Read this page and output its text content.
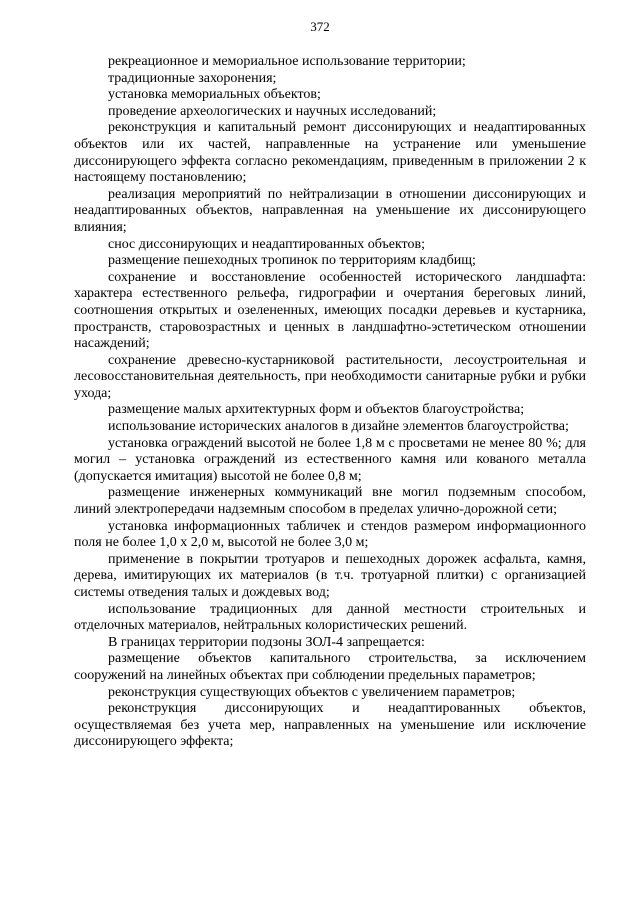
372

рекреационное и мемориальное использование территории;

традиционные захоронения;

установка мемориальных объектов;

проведение археологических и научных исследований;

реконструкция и капитальный ремонт диссонирующих и неадаптированных объектов или их частей, направленные на устранение или уменьшение диссонирующего эффекта согласно рекомендациям, приведенным в приложении 2 к настоящему постановлению;

реализация мероприятий по нейтрализации в отношении диссонирующих и неадаптированных объектов, направленная на уменьшение их диссонирующего влияния;

снос диссонирующих и неадаптированных объектов;

размещение пешеходных тропинок по территориям кладбищ;

сохранение и восстановление особенностей исторического ландшафта: характера естественного рельефа, гидрографии и очертания береговых линий, соотношения открытых и озелененных, имеющих посадки деревьев и кустарника, пространств, старовозрастных и ценных в ландшафтно-эстетическом отношении насаждений;

сохранение древесно-кустарниковой растительности, лесоустроительная и лесовосстановительная деятельность, при необходимости санитарные рубки и рубки ухода;

размещение малых архитектурных форм и объектов благоустройства;

использование исторических аналогов в дизайне элементов благоустройства;

установка ограждений высотой не более 1,8 м с просветами не менее 80 %; для могил – установка ограждений из естественного камня или кованого металла (допускается имитация) высотой не более 0,8 м;

размещение инженерных коммуникаций вне могил подземным способом, линий электропередачи надземным способом в пределах улично-дорожной сети;

установка информационных табличек и стендов размером информационного поля не более 1,0 х 2,0 м, высотой не более 3,0 м;

применение в покрытии тротуаров и пешеходных дорожек асфальта, камня, дерева, имитирующих их материалов (в т.ч. тротуарной плитки) с организацией системы отведения талых и дождевых вод;

использование традиционных для данной местности строительных и отделочных материалов, нейтральных колористических решений.

В границах территории подзоны ЗОЛ-4 запрещается:

размещение объектов капитального строительства, за исключением сооружений на линейных объектах при соблюдении предельных параметров;

реконструкция существующих объектов с увеличением параметров;

реконструкция диссонирующих и неадаптированных объектов, осуществляемая без учета мер, направленных на уменьшение или исключение диссонирующего эффекта;
